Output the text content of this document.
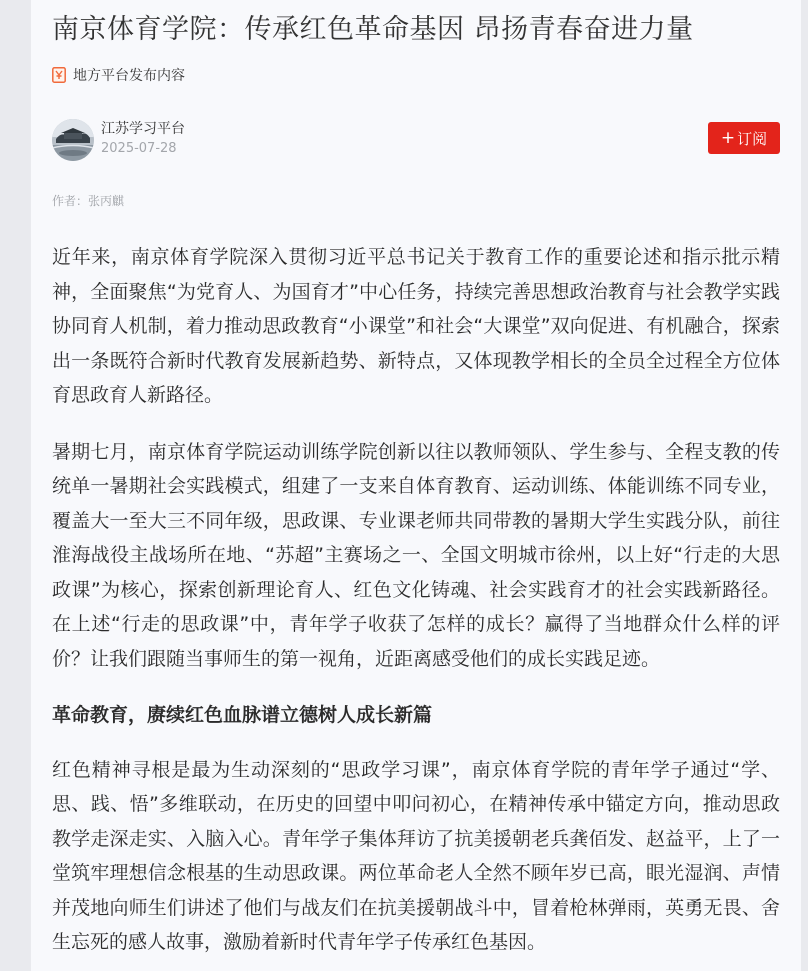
南京体育学院：传承红色革命基因 昂扬青春奋进力量
地方平台发布内容
江苏学习平台
2025-07-28
+ 订阅
作者：张丙麒

近年来，南京体育学院深入贯彻习近平总书记关于教育工作的重要论述和指示批示精神，全面聚焦“为党育人、为国育才”中心任务，持续完善思想政治教育与社会教学实践协同育人机制，着力推动思政教育“小课堂”和社会“大课堂”双向促进、有机融合，探索出一条既符合新时代教育发展新趋势、新特点，又体现教学相长的全员全过程全方位体育思政育人新路径。

暑期七月，南京体育学院运动训练学院创新以往以教师领队、学生参与、全程支教的传统单一暑期社会实践模式，组建了一支来自体育教育、运动训练、体能训练不同专业，覆盖大一至大三不同年级，思政课、专业课老师共同带教的暑期大学生实践分队，前往淮海战役主战场所在地、“苏超”主赛场之一、全国文明城市徐州，以上好“行走的大思政课”为核心，探索创新理论育人、红色文化铸魂、社会实践育才的社会实践新路径。在上述“行走的思政课”中，青年学子收获了怎样的成长？赢得了当地群众什么样的评价？让我们跟随当事师生的第一视角，近距离感受他们的成长实践足迹。

革命教育，赓续红色血脉谱立德树人成长新篇

红色精神寻根是最为生动深刻的“思政学习课”，南京体育学院的青年学子通过“学、思、践、悟”多维联动，在历史的回望中叩问初心，在精神传承中锚定方向，推动思政教学走深走实、入脑入心。青年学子集体拜访了抗美援朝老兵龚佰发、赵益平，上了一堂筑牢理想信念根基的生动思政课。两位革命老人全然不顾年岁已高，眼光湿润、声情并茂地向师生们讲述了他们与战友们在抗美援朝战斗中，冒着枪林弹雨，英勇无畏、舍生忘死的感人故事，激励着新时代青年学子传承红色基因。
